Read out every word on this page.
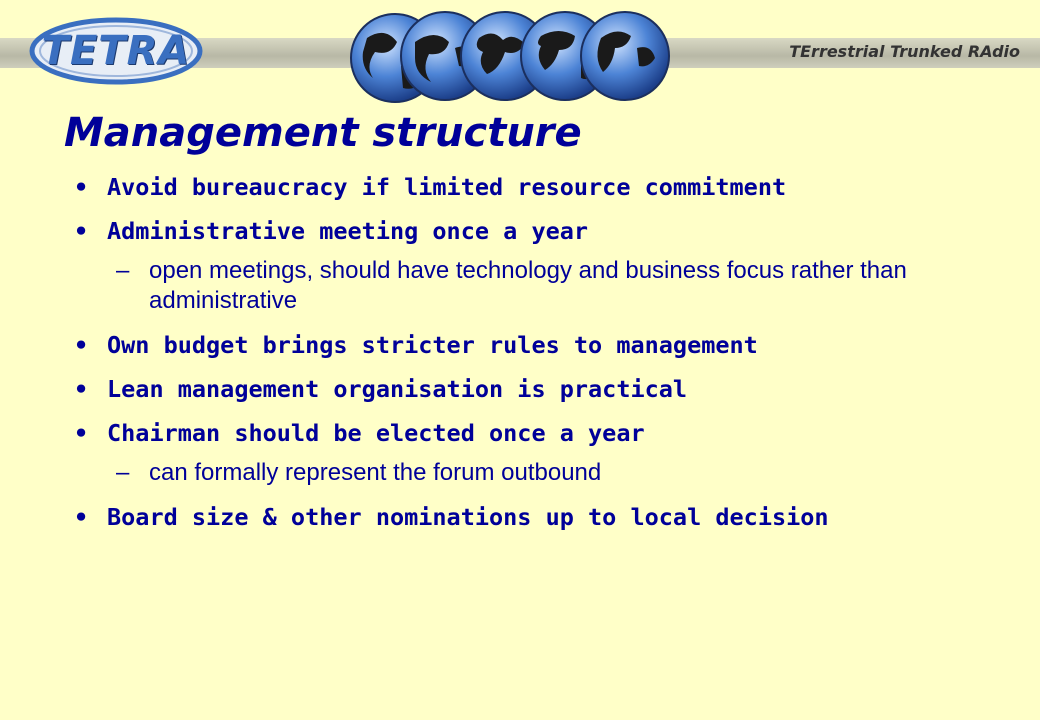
TETRA	TErrestrial Trunked RAdio
Management structure
• Avoid bureaucracy if limited resource commitment
• Administrative meeting once a year
– open meetings, should have technology and business focus rather than administrative
• Own budget brings stricter rules to management
• Lean management organisation is practical
• Chairman should be elected once a year
– can formally represent the forum outbound
• Board size & other nominations up to local decision
